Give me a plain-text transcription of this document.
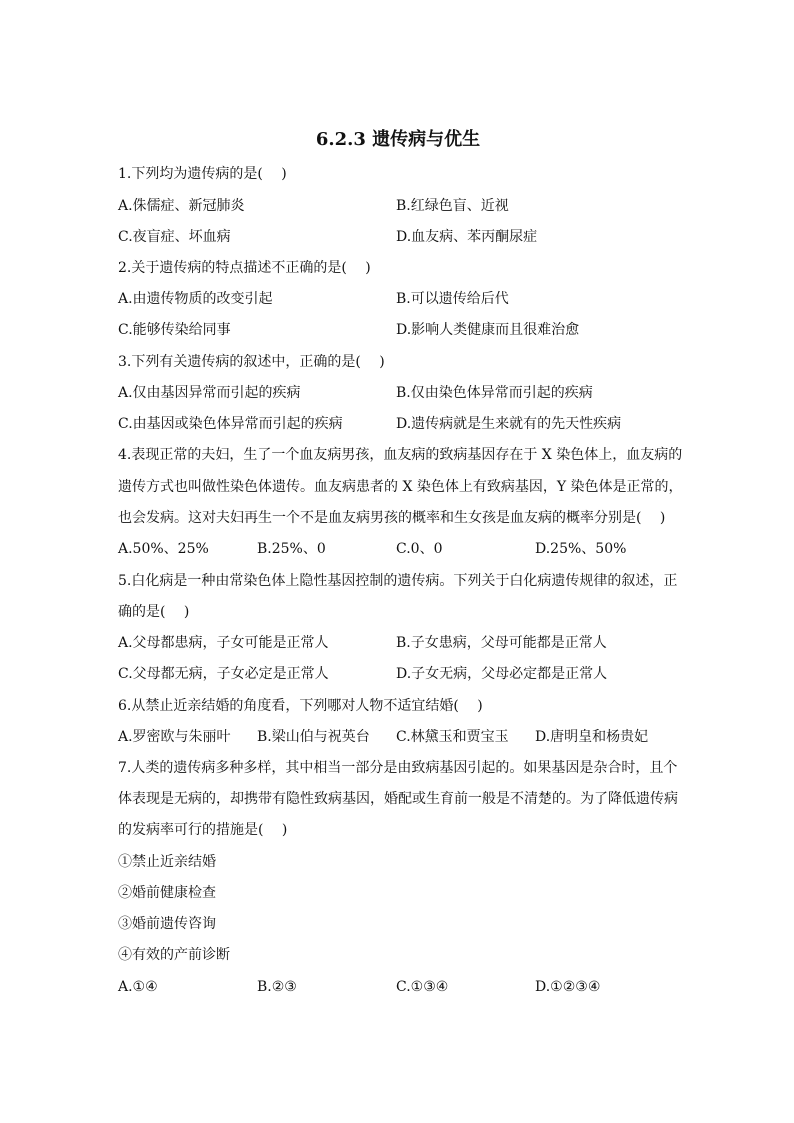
6.2.3 遗传病与优生
1.下列均为遗传病的是(　 )
A.侏儒症、新冠肺炎	B.红绿色盲、近视
C.夜盲症、坏血病	D.血友病、苯丙酮尿症
2.关于遗传病的特点描述不正确的是(　 )
A.由遗传物质的改变引起	B.可以遗传给后代
C.能够传染给同事	D.影响人类健康而且很难治愈
3.下列有关遗传病的叙述中，正确的是(　 )
A.仅由基因异常而引起的疾病	B.仅由染色体异常而引起的疾病
C.由基因或染色体异常而引起的疾病	D.遗传病就是生来就有的先天性疾病
4.表现正常的夫妇，生了一个血友病男孩，血友病的致病基因存在于 X 染色体上，血友病的
遗传方式也叫做性染色体遗传。血友病患者的 X 染色体上有致病基因，Y 染色体是正常的，
也会发病。这对夫妇再生一个不是血友病男孩的概率和生女孩是血友病的概率分别是(　 )
A.50%、25%	B.25%、0	C.0、0	D.25%、50%
5.白化病是一种由常染色体上隐性基因控制的遗传病。下列关于白化病遗传规律的叙述，正
确的是(　 )
A.父母都患病，子女可能是正常人	B.子女患病，父母可能都是正常人
C.父母都无病，子女必定是正常人	D.子女无病，父母必定都是正常人
6.从禁止近亲结婚的角度看，下列哪对人物不适宜结婚(　 )
A.罗密欧与朱丽叶 B.梁山伯与祝英台 C.林黛玉和贾宝玉 D.唐明皇和杨贵妃
7.人类的遗传病多种多样，其中相当一部分是由致病基因引起的。如果基因是杂合时，且个
体表现是无病的，却携带有隐性致病基因，婚配或生育前一般是不清楚的。为了降低遗传病
的发病率可行的措施是(　 )
①禁止近亲结婚
②婚前健康检查
③婚前遗传咨询
④有效的产前诊断
A.①④	B.②③	C.①③④	D.①②③④
